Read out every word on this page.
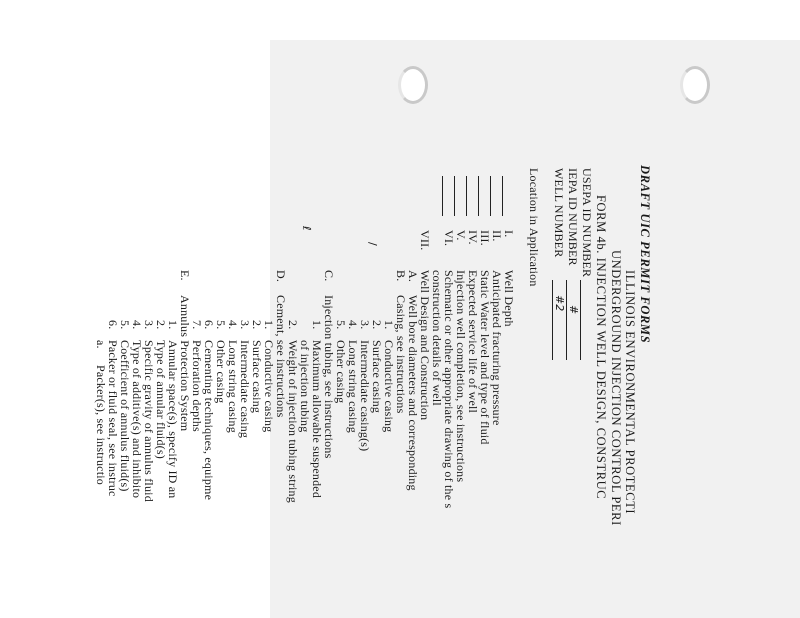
DRAFT UIC PERMIT FORMS
ILLINOIS ENVIRONMENTAL PROTECTI
UNDERGROUND INJECTION CONTROL PERI
FORM 4b. INJECTION WELL DESIGN, CONSTRUC
USEPA ID NUMBER
IEPA ID NUMBER
#
WELL NUMBER
#2
Location in Application
I.
Well Depth
II.
Anticipated fracturing pressure
III.
Static Water level and type of fluid
IV.
Expected service life of well
V.
Injection well completion, see instructions
VI.
Schematic or other appropriate drawing of the s
construction details of well
VII.
Well Design and Construction
A.
Well bore diameters and corresponding
B.
Casing, see instructions
1.
Conductive casing
2.
Surface casing
3.
Intermediate casing(s)
4.
Long string casing
5.
Other casing
C.
Injection tubing, see instructions
1.
Maximum allowable suspended
of injection tubing
2.
Weight of injection tubing string
D.
Cement, see instructions
1.
Conductive casing
2.
Surface casing
3.
Intermediate casing
4.
Long string casing
5.
Other casing
6.
Cementing techniques, equipme
7.
Perforation depths
E.
Annulus Protection System
1.
Annular space(s), specify ID an
2.
Type of annular fluid(s)
3.
Specific gravity of annulus fluid
4.
Type of additive(s) and inhibito
5.
Coefficient of annulus fluid(s)
6.
Packer or fluid seal, see instruc
a.
Packer(s), see instructio
/
ℓ
